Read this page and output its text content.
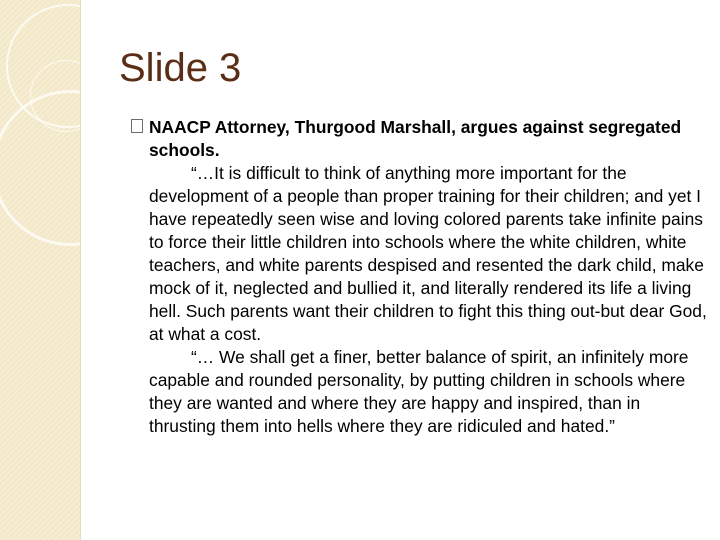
Slide 3

NAACP Attorney, Thurgood Marshall, argues against segregated schools.

“…It is difficult to think of anything more important for the development of a people than proper training for their children; and yet I have repeatedly seen wise and loving colored parents take infinite pains to force their little children into schools where the white children, white teachers, and white parents despised and resented the dark child, make mock of it, neglected and bullied it, and literally rendered its life a living hell. Such parents want their children to fight this thing out-but dear God, at what a cost.

“… We shall get a finer, better balance of spirit, an infinitely more capable and rounded personality, by putting children in schools where they are wanted and where they are happy and inspired, than in thrusting them into hells where they are ridiculed and hated.”
